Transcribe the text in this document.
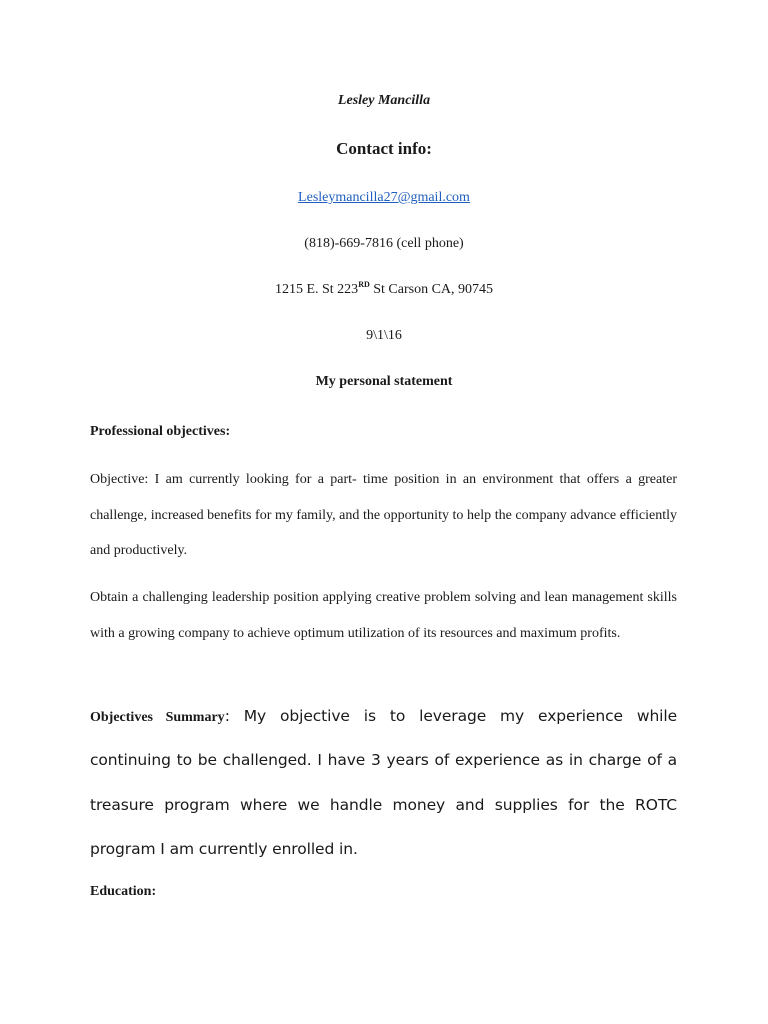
Lesley Mancilla
Contact info:
Lesleymancilla27@gmail.com
(818)-669-7816 (cell phone)
1215 E. St 223RD St Carson CA, 90745
9\1\16
My personal statement
Professional objectives:
Objective: I am currently looking for a part- time position in an environment that offers a greater challenge, increased benefits for my family, and the opportunity to help the company advance efficiently and productively.
Obtain a challenging leadership position applying creative problem solving and lean management skills with a growing company to achieve optimum utilization of its resources and maximum profits.
Objectives Summary: My objective is to leverage my experience while continuing to be challenged. I have 3 years of experience as in charge of a treasure program where we handle money and supplies for the ROTC program I am currently enrolled in.
Education:
